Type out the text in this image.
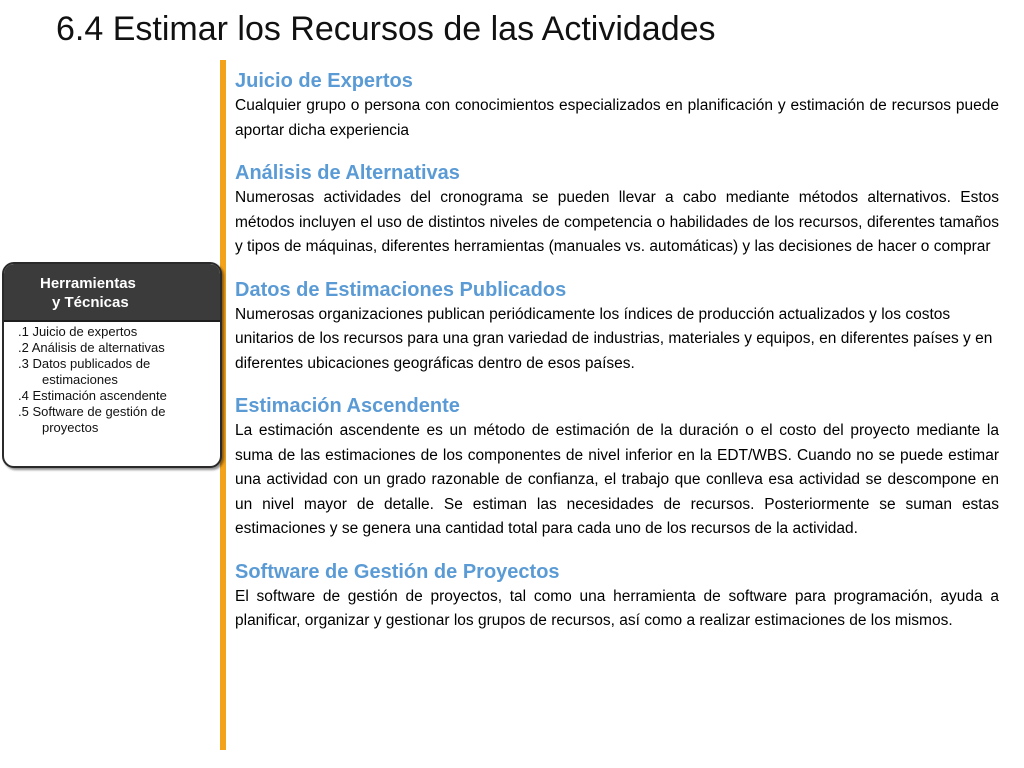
6.4 Estimar los Recursos de las Actividades
Herramientas
y Técnicas
.1 Juicio de expertos
.2 Análisis de alternativas
.3 Datos publicados de
estimaciones
.4 Estimación ascendente
.5 Software de gestión de
proyectos
Juicio de Expertos

Cualquier grupo o persona con conocimientos especializados en planificación y estimación de recursos puede aportar dicha experiencia

Análisis de Alternativas

Numerosas actividades del cronograma se pueden llevar a cabo mediante métodos alternativos. Estos métodos incluyen el uso de distintos niveles de competencia o habilidades de los recursos, diferentes tamaños y tipos de máquinas, diferentes herramientas (manuales vs. automáticas) y las decisiones de hacer o comprar

Datos de Estimaciones Publicados

Numerosas organizaciones publican periódicamente los índices de producción actualizados y los costos unitarios de los recursos para una gran variedad de industrias, materiales y equipos, en diferentes países y en diferentes ubicaciones geográficas dentro de esos países.

Estimación Ascendente

La estimación ascendente es un método de estimación de la duración o el costo del proyecto mediante la suma de las estimaciones de los componentes de nivel inferior en la EDT/WBS. Cuando no se puede estimar una actividad con un grado razonable de confianza, el trabajo que conlleva esa actividad se descompone en un nivel mayor de detalle. Se estiman las necesidades de recursos. Posteriormente se suman estas estimaciones y se genera una cantidad total para cada uno de los recursos de la actividad.

Software de Gestión de Proyectos

El software de gestión de proyectos, tal como una herramienta de software para programación, ayuda a planificar, organizar y gestionar los grupos de recursos, así como a realizar estimaciones de los mismos.
